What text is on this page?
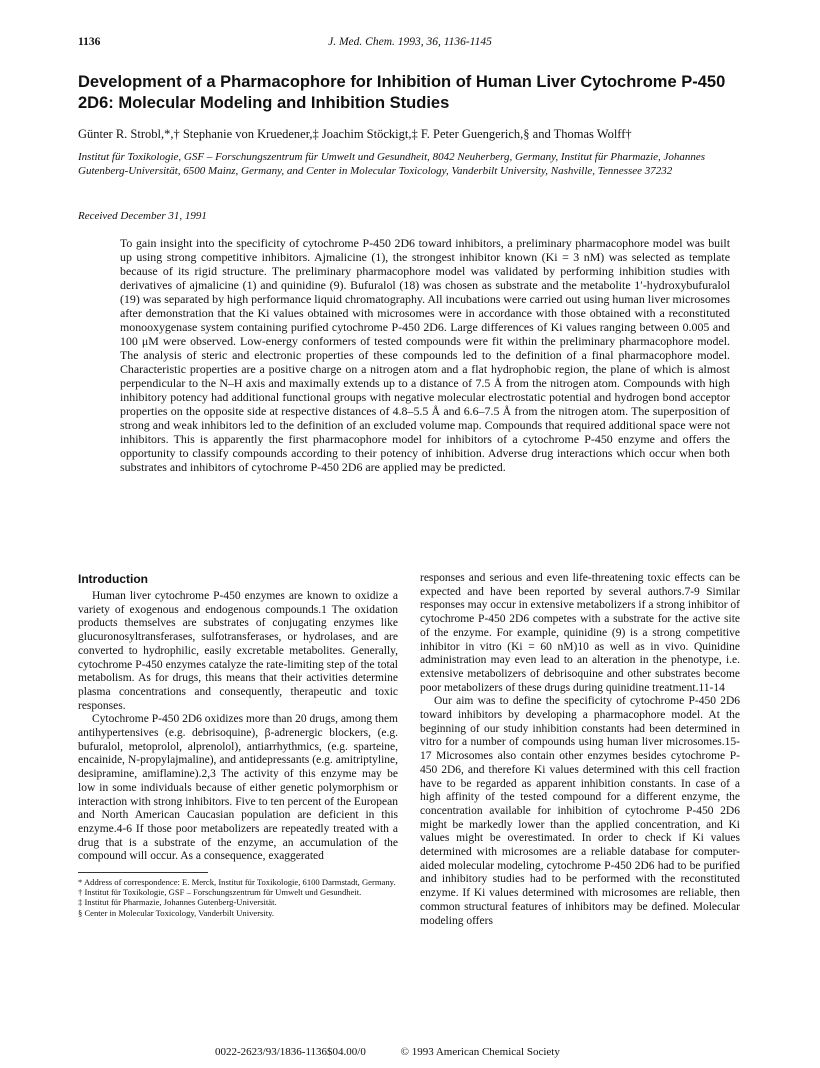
1136	J. Med. Chem. 1993, 36, 1136-1145
Development of a Pharmacophore for Inhibition of Human Liver Cytochrome P-450 2D6: Molecular Modeling and Inhibition Studies
Günter R. Strobl,*,† Stephanie von Kruedener,‡ Joachim Stöckigt,‡ F. Peter Guengerich,§ and Thomas Wolff†
Institut für Toxikologie, GSF – Forschungszentrum für Umwelt und Gesundheit, 8042 Neuherberg, Germany, Institut für Pharmazie, Johannes Gutenberg-Universität, 6500 Mainz, Germany, and Center in Molecular Toxicology, Vanderbilt University, Nashville, Tennessee 37232
Received December 31, 1991

To gain insight into the specificity of cytochrome P-450 2D6 toward inhibitors, a preliminary pharmacophore model was built up using strong competitive inhibitors. Ajmalicine (1), the strongest inhibitor known (Ki = 3 nM) was selected as template because of its rigid structure. The preliminary pharmacophore model was validated by performing inhibition studies with derivatives of ajmalicine (1) and quinidine (9). Bufuralol (18) was chosen as substrate and the metabolite 1′-hydroxybufuralol (19) was separated by high performance liquid chromatography. All incubations were carried out using human liver microsomes after demonstration that the Ki values obtained with microsomes were in accordance with those obtained with a reconstituted monooxygenase system containing purified cytochrome P-450 2D6. Large differences of Ki values ranging between 0.005 and 100 μM were observed. Low-energy conformers of tested compounds were fit within the preliminary pharmacophore model. The analysis of steric and electronic properties of these compounds led to the definition of a final pharmacophore model. Characteristic properties are a positive charge on a nitrogen atom and a flat hydrophobic region, the plane of which is almost perpendicular to the N–H axis and maximally extends up to a distance of 7.5 Å from the nitrogen atom. Compounds with high inhibitory potency had additional functional groups with negative molecular electrostatic potential and hydrogen bond acceptor properties on the opposite side at respective distances of 4.8–5.5 Å and 6.6–7.5 Å from the nitrogen atom. The superposition of strong and weak inhibitors led to the definition of an excluded volume map. Compounds that required additional space were not inhibitors. This is apparently the first pharmacophore model for inhibitors of a cytochrome P-450 enzyme and offers the opportunity to classify compounds according to their potency of inhibition. Adverse drug interactions which occur when both substrates and inhibitors of cytochrome P-450 2D6 are applied may be predicted.

Introduction

Human liver cytochrome P-450 enzymes are known to oxidize a variety of exogenous and endogenous compounds.1 The oxidation products themselves are substrates of conjugating enzymes like glucuronosyltransferases, sulfotransferases, or hydrolases, and are converted to hydrophilic, easily excretable metabolites. Generally, cytochrome P-450 enzymes catalyze the rate-limiting step of the total metabolism. As for drugs, this means that their activities determine plasma concentrations and consequently, therapeutic and toxic responses.

Cytochrome P-450 2D6 oxidizes more than 20 drugs, among them antihypertensives (e.g. debrisoquine), β-adrenergic blockers, (e.g. bufuralol, metoprolol, alprenolol), antiarrhythmics, (e.g. sparteine, encainide, N-propylajmaline), and antidepressants (e.g. amitriptyline, desipramine, amiflamine).2,3 The activity of this enzyme may be low in some individuals because of either genetic polymorphism or interaction with strong inhibitors. Five to ten percent of the European and North American Caucasian population are deficient in this enzyme.4-6 If those poor metabolizers are repeatedly treated with a drug that is a substrate of the enzyme, an accumulation of the compound will occur. As a consequence, exaggerated

* Address of correspondence: E. Merck, Institut für Toxikologie, 6100 Darmstadt, Germany.

† Institut für Toxikologie, GSF – Forschungszentrum für Umwelt und Gesundheit.

‡ Institut für Pharmazie, Johannes Gutenberg-Universität.

§ Center in Molecular Toxicology, Vanderbilt University.

responses and serious and even life-threatening toxic effects can be expected and have been reported by several authors.7-9 Similar responses may occur in extensive metabolizers if a strong inhibitor of cytochrome P-450 2D6 competes with a substrate for the active site of the enzyme. For example, quinidine (9) is a strong competitive inhibitor in vitro (Ki = 60 nM)10 as well as in vivo. Quinidine administration may even lead to an alteration in the phenotype, i.e. extensive metabolizers of debrisoquine and other substrates become poor metabolizers of these drugs during quinidine treatment.11-14

Our aim was to define the specificity of cytochrome P-450 2D6 toward inhibitors by developing a pharmacophore model. At the beginning of our study inhibition constants had been determined in vitro for a number of compounds using human liver microsomes.15-17 Microsomes also contain other enzymes besides cytochrome P-450 2D6, and therefore Ki values determined with this cell fraction have to be regarded as apparent inhibition constants. In case of a high affinity of the tested compound for a different enzyme, the concentration available for inhibition of cytochrome P-450 2D6 might be markedly lower than the applied concentration, and Ki values might be overestimated. In order to check if Ki values determined with microsomes are a reliable database for computer-aided molecular modeling, cytochrome P-450 2D6 had to be purified and inhibitory studies had to be performed with the reconstituted enzyme. If Ki values determined with microsomes are reliable, then common structural features of inhibitors may be defined. Molecular modeling offers

0022-2623/93/1836-1136$04.00/0	© 1993 American Chemical Society
